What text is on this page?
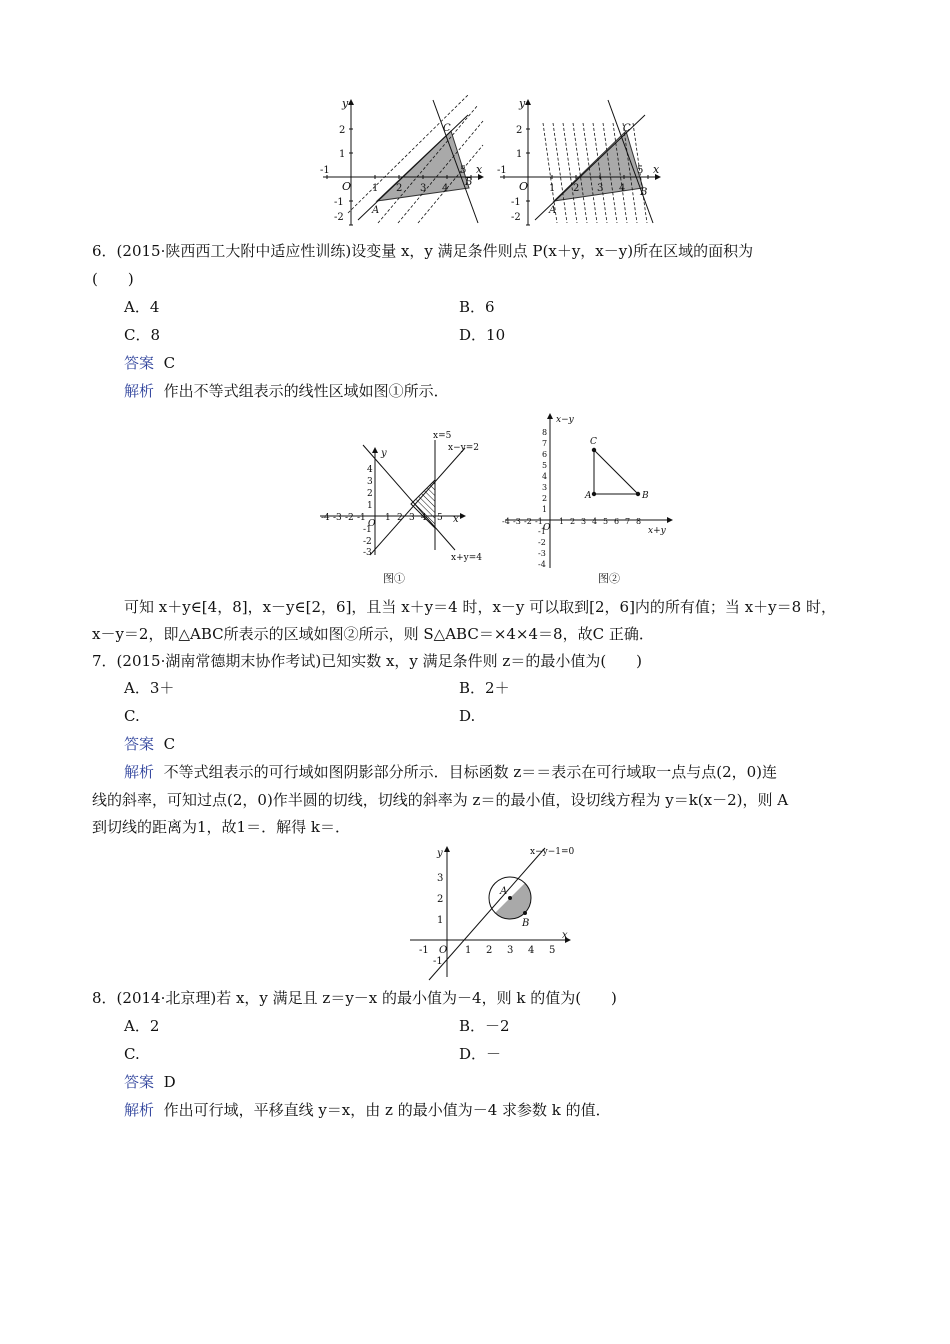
y
x
O
-1
1 2 3 4
5
2
1
-1
-2
A
B
C
y
x
O
-1
1 2 3 4
5
2
1
-1
-2
A
B
C
6．(2015·陕西西工大附中适应性训练)设变量 x，y 满足条件则点 P(x＋y，x－y)所在区域的面积为
(　　)
A．4	B．6
C．8	D．10
答案 C
解析 作出不等式组表示的线性区域如图①所示．
x=5
x−y=2
x+y=4
y
x
O
-4 -3 -2 -1 1 2 3 4 5
4
3
2
1
-1
-2
-3
图①
A	B
C
x−y
x+y
O
-4 -3 -2 -1 1 2 3 4 5 6 7 8
8
7
6
5
4
3
2
1
-1
-2
-3
-4
图②
可知 x＋y∈[4，8]，x－y∈[2，6]，且当 x＋y＝4 时，x－y 可以取到[2，6]内的所有值；当 x＋y＝8 时，
x－y＝2，即△ABC所表示的区域如图②所示，则 S△ABC＝×4×4＝8，故C 正确．
7．(2015·湖南常德期末协作考试)已知实数 x，y 满足条件则 z＝的最小值为(　　)
A．3＋	B．2＋
C.	D.
答案 C
解析 不等式组表示的可行域如图阴影部分所示．目标函数 z＝＝表示在可行域取一点与点(2，0)连
线的斜率，可知过点(2，0)作半圆的切线，切线的斜率为 z＝的最小值，设切线方程为 y＝k(x－2)，则 A
到切线的距离为1，故1＝．解得 k＝．
x−y−1=0
y
x
O
-1	1 2 3 4 5
3
2
1
-1
A
B
8．(2014·北京理)若 x，y 满足且 z＝y－x 的最小值为－4，则 k 的值为(　　)
A．2	B．－2
C.	D．－
答案 D
解析 作出可行域，平移直线 y＝x，由 z 的最小值为－4 求参数 k 的值．
